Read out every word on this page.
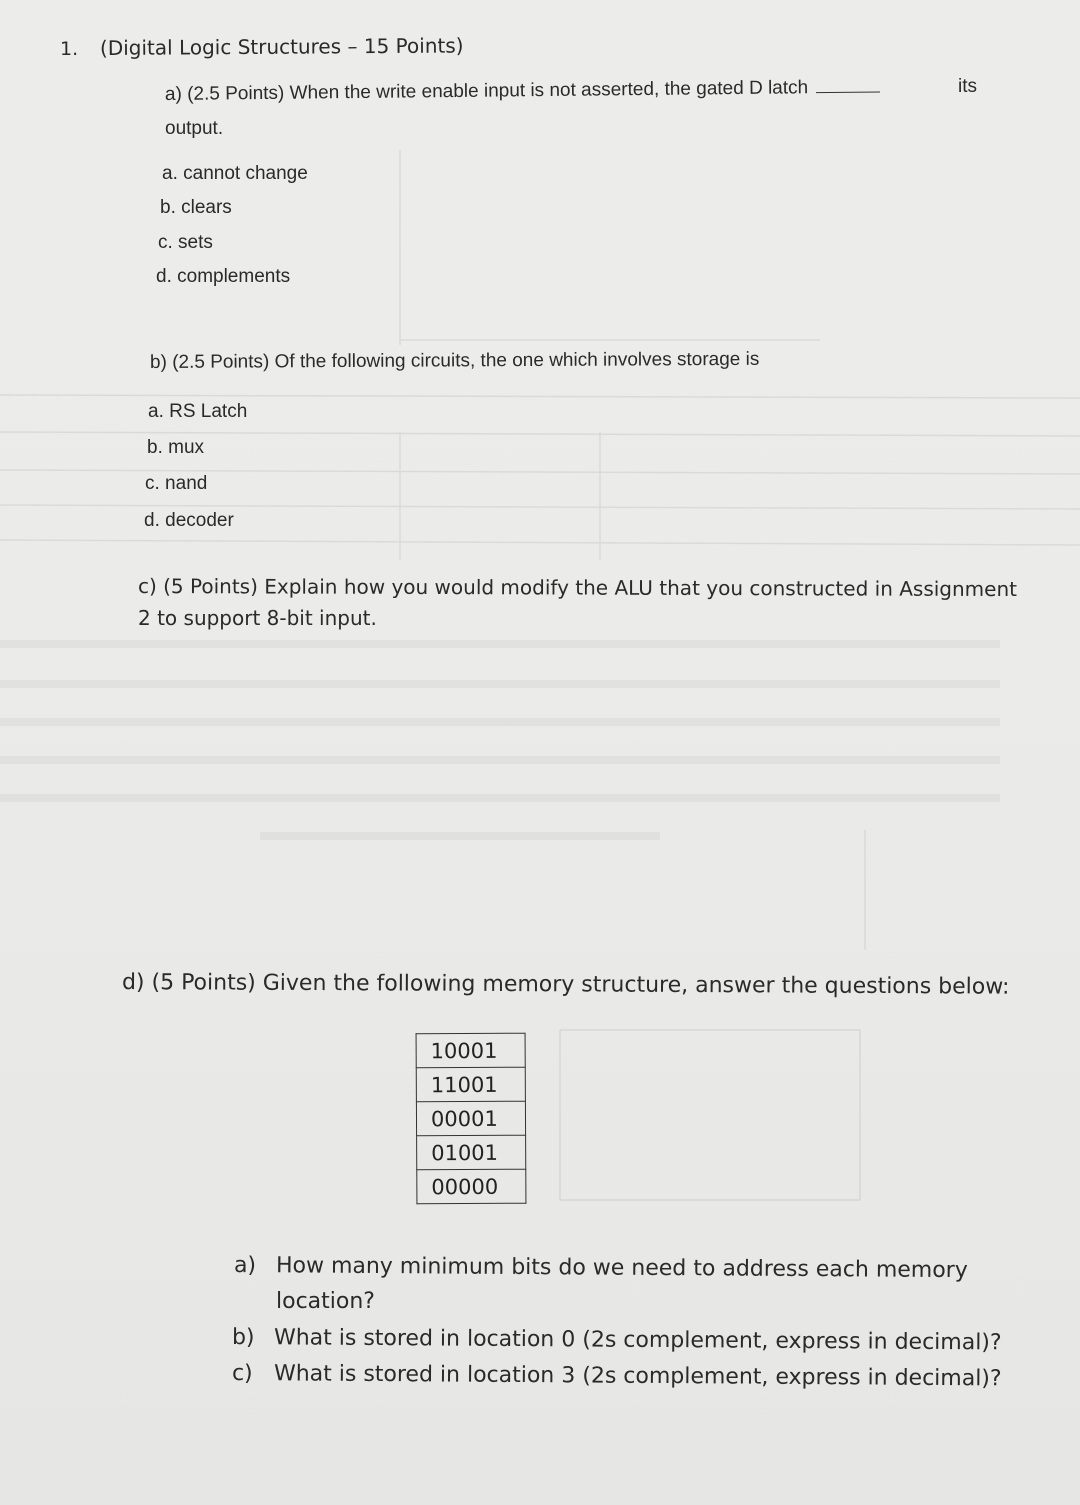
1. (Digital Logic Structures – 15 Points)
a) (2.5 Points) When the write enable input is not asserted, the gated D latch	its
output.
a. cannot change
b. clears
c. sets
d. complements
b) (2.5 Points) Of the following circuits, the one which involves storage is
a. RS Latch
b. mux
c. nand
d. decoder
c) (5 Points) Explain how you would modify the ALU that you constructed in Assignment
2 to support 8-bit input.
d) (5 Points) Given the following memory structure, answer the questions below:
10001
11001
00001
01001
00000
a) How many minimum bits do we need to address each memory
location?
b) What is stored in location 0 (2s complement, express in decimal)?
c) What is stored in location 3 (2s complement, express in decimal)?
